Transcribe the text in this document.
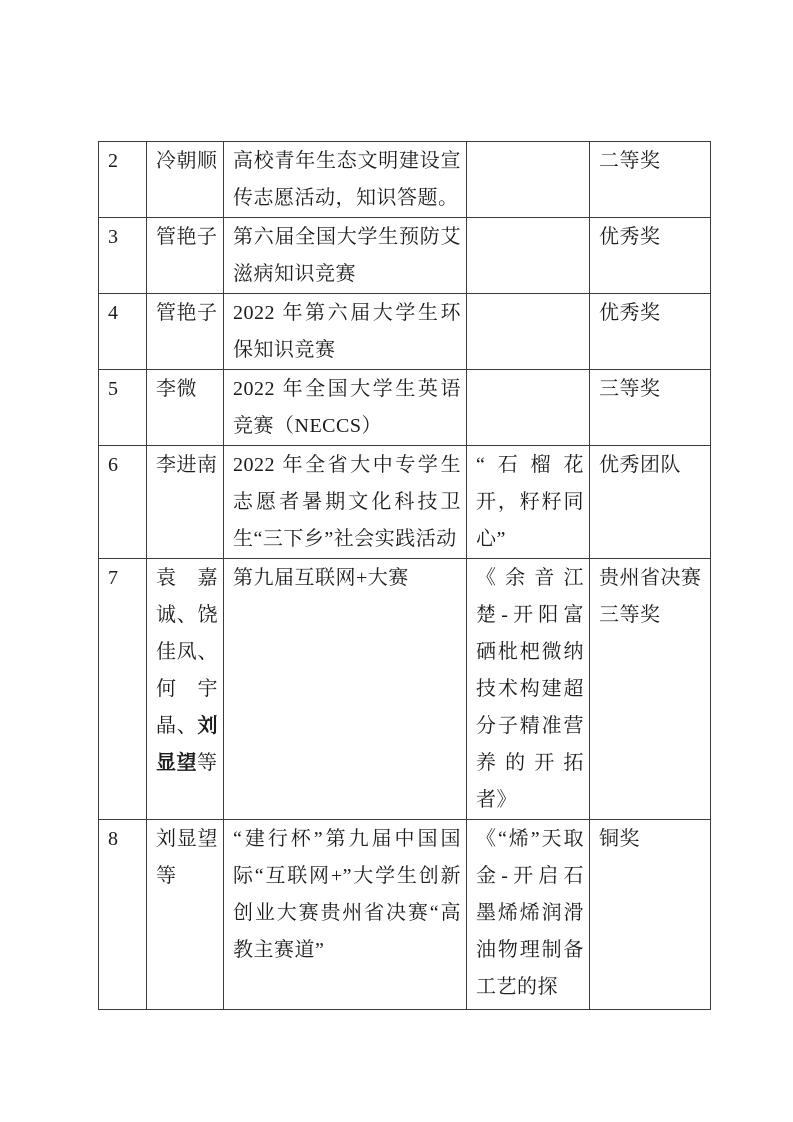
2	冷朝顺	高校青年生态文明建设宣传志愿活动，知识答题。		二等奖
3	管艳子	第六届全国大学生预防艾滋病知识竞赛		优秀奖
4	管艳子	2022 年第六届大学生环保知识竞赛		优秀奖
5	李微	2022 年全国大学生英语竞赛（NECCS）		三等奖
6	李进南	2022 年全省大中专学生志愿者暑期文化科技卫生“三下乡”社会实践活动	“石榴花开，籽籽同心”	优秀团队
7	袁嘉诚、饶佳凤、何宇晶、刘显望等	第九届互联网+大赛	《余音江楚-开阳富硒枇杷微纳技术构建超分子精准营养的开拓者》	贵州省决赛三等奖
8	刘显望等	“建行杯”第九届中国国际“互联网+”大学生创新创业大赛贵州省决赛“高教主赛道”	《“烯”天取金-开启石墨烯烯润滑油物理制备工艺的探	铜奖
